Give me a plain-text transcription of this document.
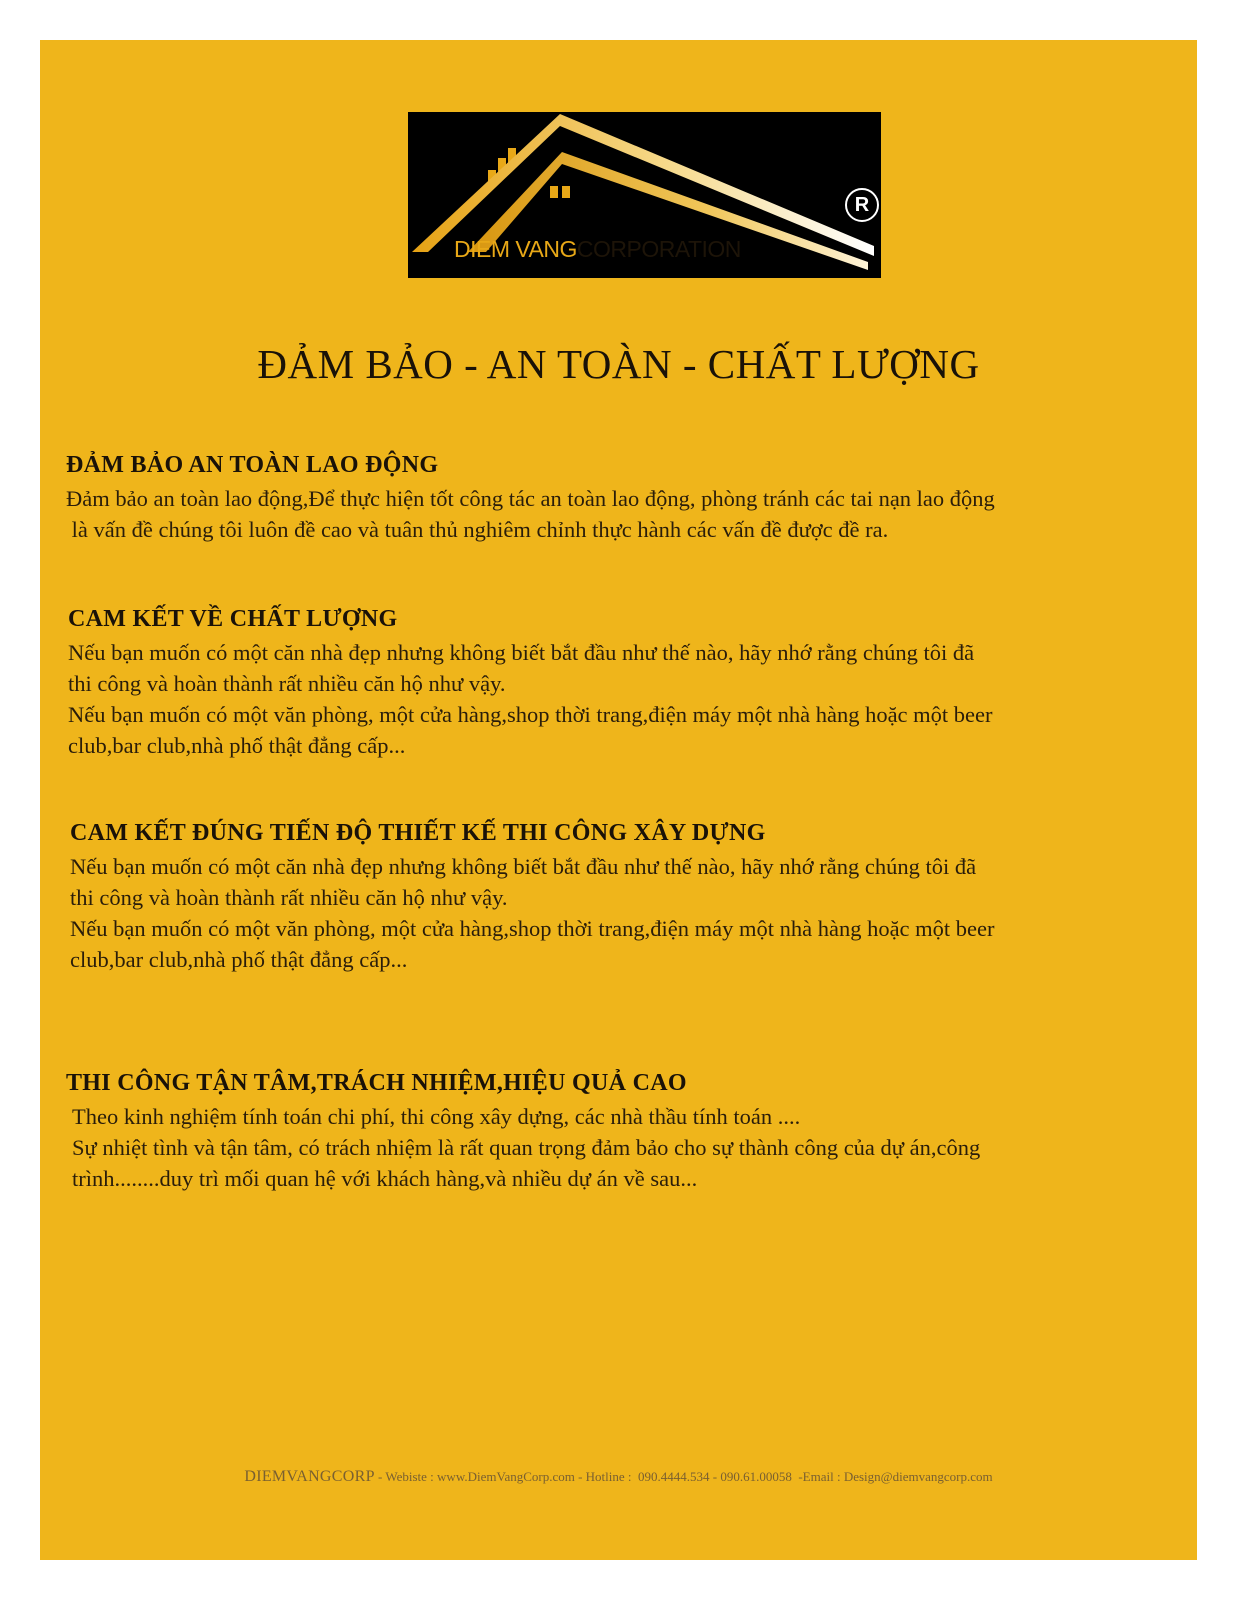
DIEM VANGCORPORATION
R
ĐẢM BẢO - AN TOÀN - CHẤT LƯỢNG
ĐẢM BẢO AN TOÀN LAO ĐỘNG

Đảm bảo an toàn lao động,Để thực hiện tốt công tác an toàn lao động, phòng tránh các tai nạn lao động

là vấn đề chúng tôi luôn đề cao và tuân thủ nghiêm chỉnh thực hành các vấn đề được đề ra.

CAM KẾT VỀ CHẤT LƯỢNG

Nếu bạn muốn có một căn nhà đẹp nhưng không biết bắt đầu như thế nào, hãy nhớ rằng chúng tôi đã

thi công và hoàn thành rất nhiều căn hộ như vậy.

Nếu bạn muốn có một văn phòng, một cửa hàng,shop thời trang,điện máy một nhà hàng hoặc một beer

club,bar club,nhà phố thật đẳng cấp...

CAM KẾT ĐÚNG TIẾN ĐỘ THIẾT KẾ THI CÔNG XÂY DỰNG

Nếu bạn muốn có một căn nhà đẹp nhưng không biết bắt đầu như thế nào, hãy nhớ rằng chúng tôi đã

thi công và hoàn thành rất nhiều căn hộ như vậy.

Nếu bạn muốn có một văn phòng, một cửa hàng,shop thời trang,điện máy một nhà hàng hoặc một beer

club,bar club,nhà phố thật đẳng cấp...

THI CÔNG TẬN TÂM,TRÁCH NHIỆM,HIỆU QUẢ CAO

Theo kinh nghiệm tính toán chi phí, thi công xây dựng, các nhà thầu tính toán ....

Sự nhiệt tình và tận tâm, có trách nhiệm là rất quan trọng đảm bảo cho sự thành công của dự án,công

trình........duy trì mối quan hệ với khách hàng,và nhiều dự án về sau...

DIEMVANGCORP - Webiste : www.DiemVangCorp.com - Hotline :  090.4444.534 - 090.61.00058  -Email : Design@diemvangcorp.com
